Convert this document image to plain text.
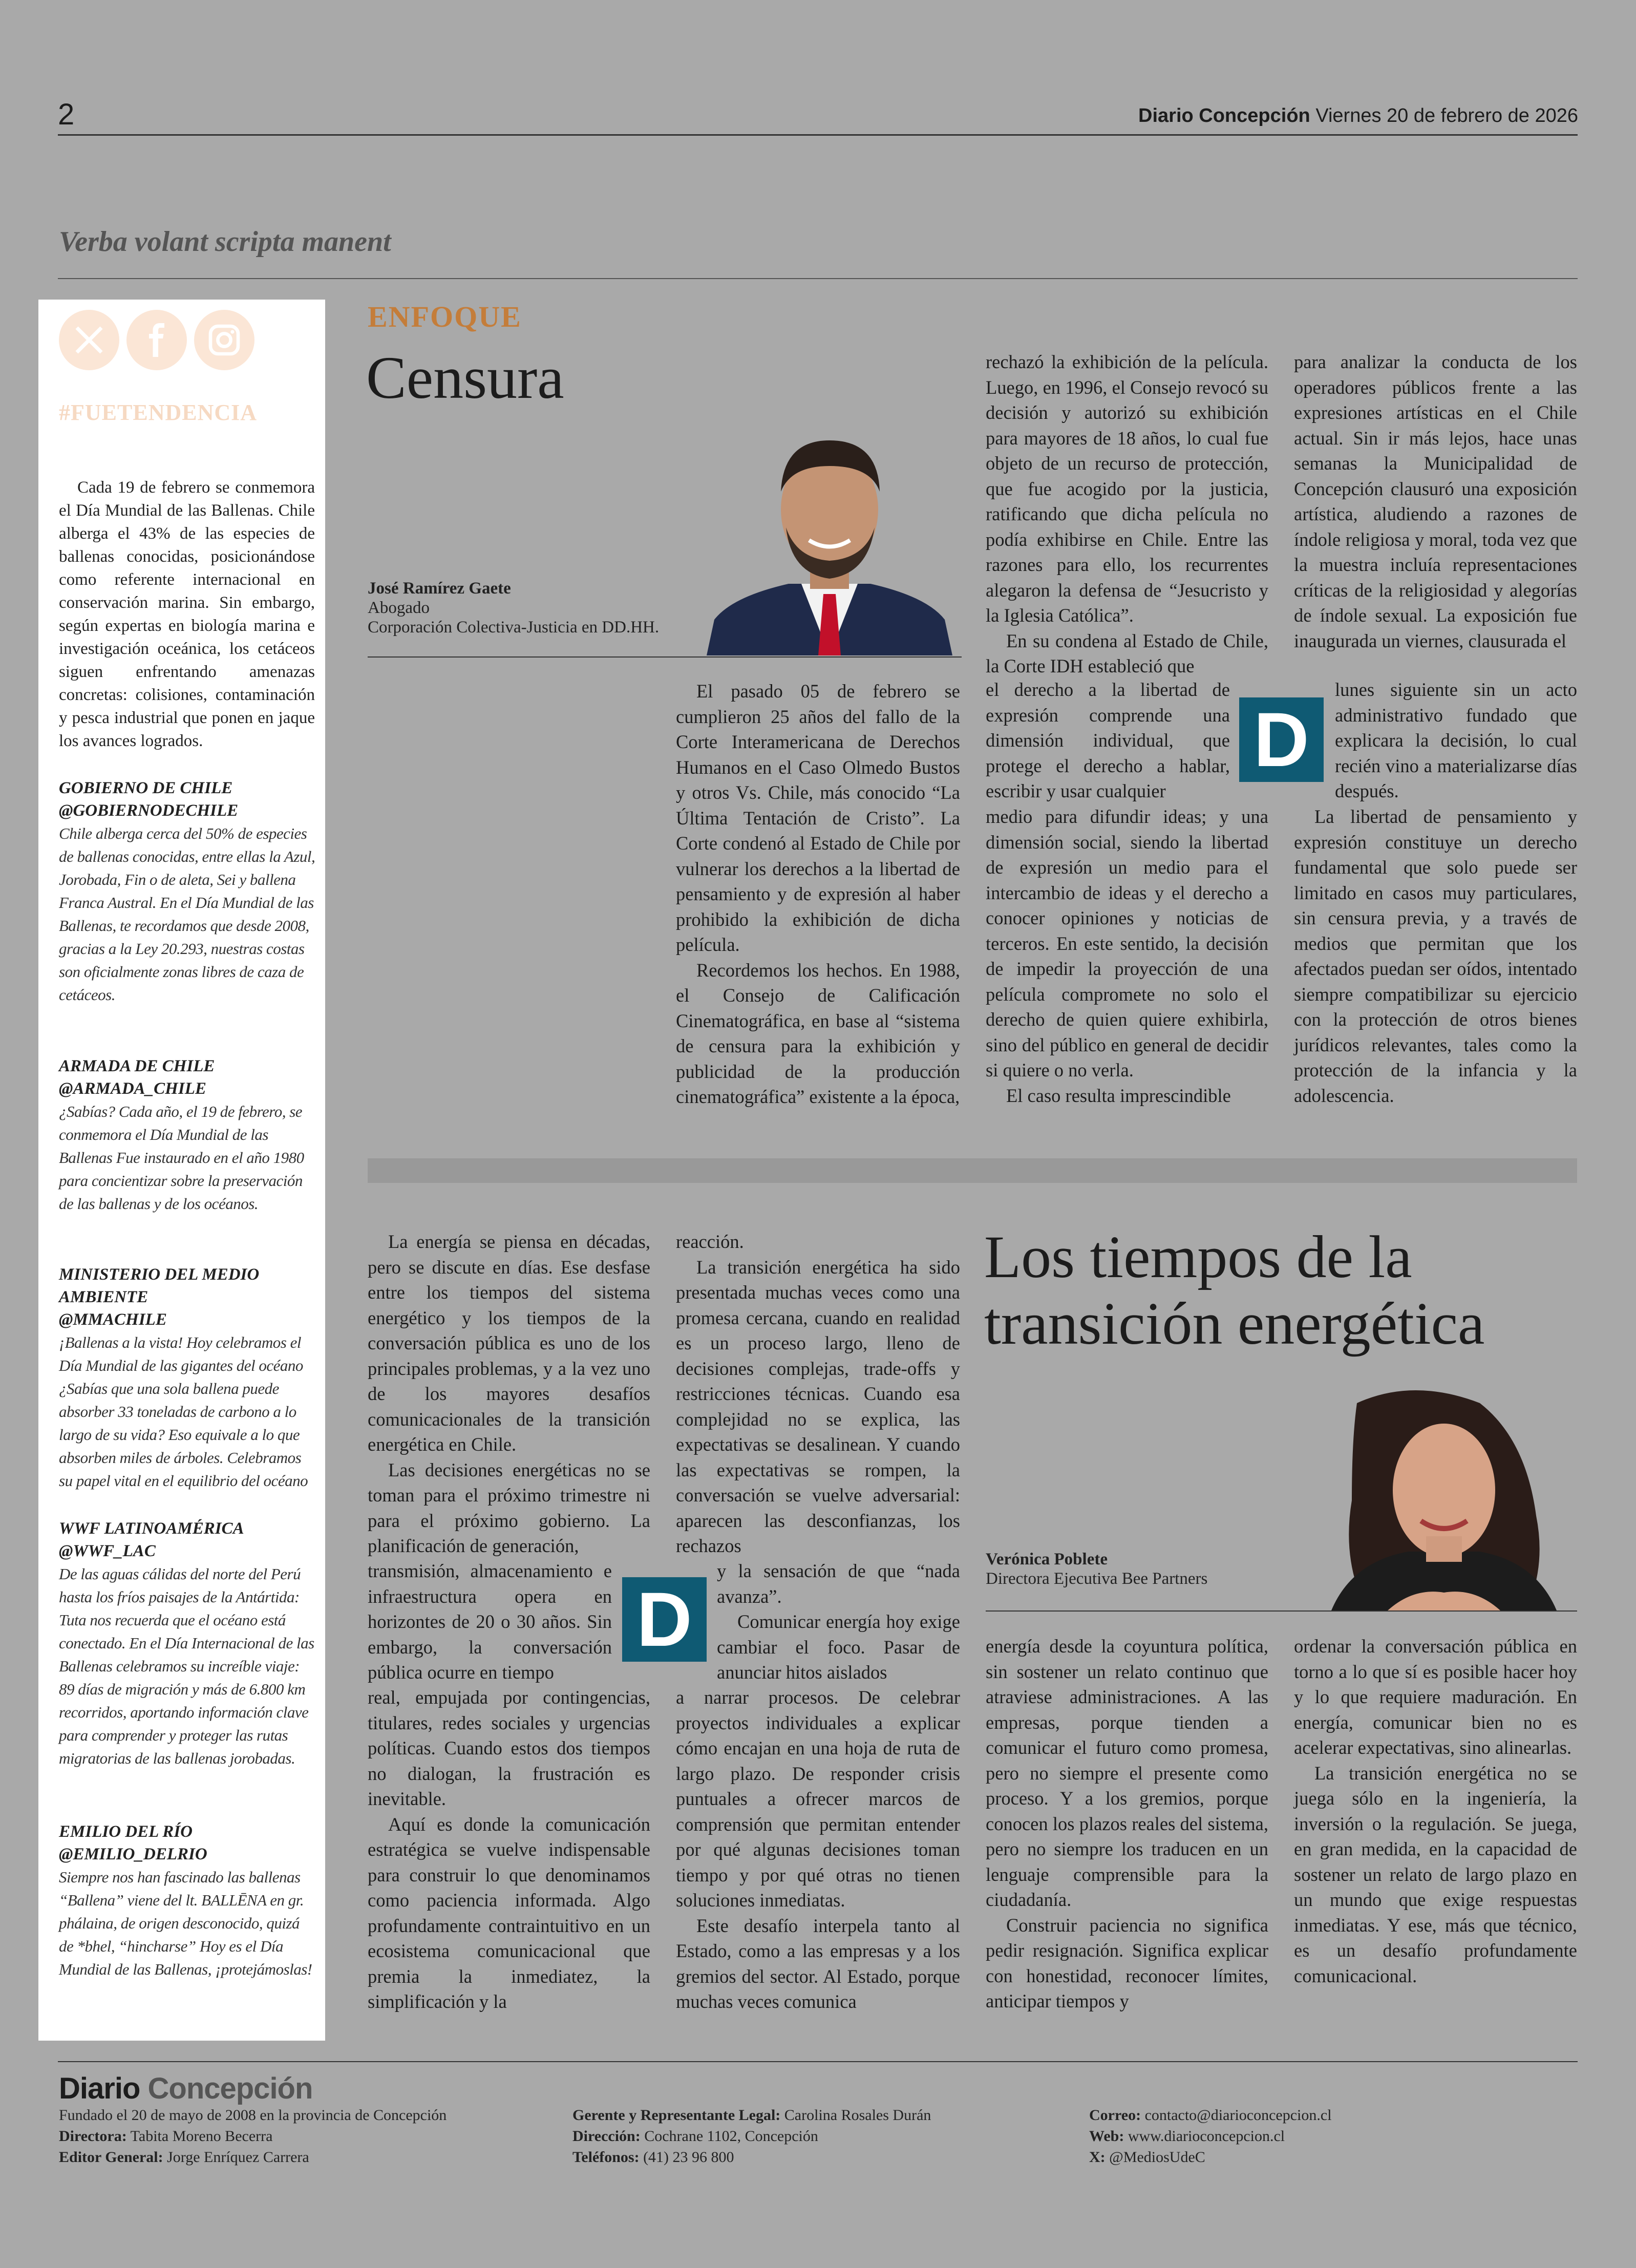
2	Diario Concepción Viernes 20 de febrero de 2026
Verba volant scripta manent
#FUETENDENCIA
Cada 19 de febrero se conmemora el Día Mundial de las Ballenas. Chile alberga el 43% de las especies de ballenas conocidas, posicionándose como referente internacional en conservación marina. Sin embargo, según expertas en biología marina e investigación oceánica, los cetáceos siguen enfrentando amenazas concretas: colisiones, contaminación y pesca industrial que ponen en jaque los avances logrados.
GOBIERNO DE CHILE
@GOBIERNODECHILE
Chile alberga cerca del 50% de especies de ballenas conocidas, entre ellas la Azul, Jorobada, Fin o de aleta, Sei y ballena Franca Austral. En el Día Mundial de las Ballenas, te recordamos que desde 2008, gracias a la Ley 20.293, nuestras costas son oficialmente zonas libres de caza de cetáceos.
ARMADA DE CHILE
@ARMADA_CHILE
¿Sabías? Cada año, el 19 de febrero, se conmemora el Día Mundial de las Ballenas Fue instaurado en el año 1980 para concientizar sobre la preservación de las ballenas y de los océanos.
MINISTERIO DEL MEDIO AMBIENTE
@MMACHILE
¡Ballenas a la vista! Hoy celebramos el Día Mundial de las gigantes del océano ¿Sabías que una sola ballena puede absorber 33 toneladas de carbono a lo largo de su vida? Eso equivale a lo que absorben miles de árboles. Celebramos su papel vital en el equilibrio del océano
WWF LATINOAMÉRICA
@WWF_LAC
De las aguas cálidas del norte del Perú hasta los fríos paisajes de la Antártida: Tuta nos recuerda que el océano está conectado. En el Día Internacional de las Ballenas celebramos su increíble viaje: 89 días de migración y más de 6.800 km recorridos, aportando información clave para comprender y proteger las rutas migratorias de las ballenas jorobadas.
EMILIO DEL RÍO
@EMILIO_DELRIO
Siempre nos han fascinado las ballenas “Ballena” viene del lt. BALLĒNA en gr. phálaina, de origen desconocido, quizá de *bhel, “hincharse” Hoy es el Día Mundial de las Ballenas, ¡protejámoslas!
ENFOQUE
Censura
José Ramírez Gaete
Abogado
Corporación Colectiva-Justicia en DD.HH.

El pasado 05 de febrero se cumplieron 25 años del fallo de la Corte Interamericana de Derechos Humanos en el Caso Olmedo Bustos y otros Vs. Chile, más conocido “La Última Tentación de Cristo”. La Corte condenó al Estado de Chile por vulnerar los derechos a la libertad de pensamiento y de expresión al haber prohibido la exhibición de dicha película.

Recordemos los hechos. En 1988, el Consejo de Calificación Cinematográfica, en base al “sistema de censura para la exhibición y publicidad de la producción cinematográfica” existente a la época,

rechazó la exhibición de la película. Luego, en 1996, el Consejo revocó su decisión y autorizó su exhibición para mayores de 18 años, lo cual fue objeto de un recurso de protección, que fue acogido por la justicia, ratificando que dicha película no podía exhibirse en Chile. Entre las razones para ello, los recurrentes alegaron la defensa de “Jesucristo y la Iglesia Católica”.

En su condena al Estado de Chile, la Corte IDH estableció que

el derecho a la libertad de expresión comprende una dimensión individual, que protege el derecho a hablar, escribir y usar cualquier

medio para difundir ideas; y una dimensión social, siendo la libertad de expresión un medio para el intercambio de ideas y el derecho a conocer opiniones y noticias de terceros. En este sentido, la decisión de impedir la proyección de una película compromete no solo el derecho de quien quiere exhibirla, sino del público en general de decidir si quiere o no verla.

El caso resulta imprescindible

D

para analizar la conducta de los operadores públicos frente a las expresiones artísticas en el Chile actual. Sin ir más lejos, hace unas semanas la Municipalidad de Concepción clausuró una exposición artística, aludiendo a razones de índole religiosa y moral, toda vez que la muestra incluía representaciones críticas de la religiosidad y alegorías de índole sexual. La exposición fue inaugurada un viernes, clausurada el

lunes siguiente sin un acto administrativo fundado que explicara la decisión, lo cual recién vino a materializarse días después.

La libertad de pensamiento y expresión constituye un derecho fundamental que solo puede ser limitado en casos muy particulares, sin censura previa, y a través de medios que permitan que los afectados puedan ser oídos, intentado siempre compatibilizar su ejercicio con la protección de otros bienes jurídicos relevantes, tales como la protección de la infancia y la adolescencia.

Los tiempos de la transición energética
Verónica Poblete
Directora Ejecutiva Bee Partners

La energía se piensa en décadas, pero se discute en días. Ese desfase entre los tiempos del sistema energético y los tiempos de la conversación pública es uno de los principales problemas, y a la vez uno de los mayores desafíos comunicacionales de la transición energética en Chile.

Las decisiones energéticas no se toman para el próximo trimestre ni para el próximo gobierno. La planificación de generación,

transmisión, almacenamiento e infraestructura opera en horizontes de 20 o 30 años. Sin embargo, la conversación pública ocurre en tiempo

real, empujada por contingencias, titulares, redes sociales y urgencias políticas. Cuando estos dos tiempos no dialogan, la frustración es inevitable.

Aquí es donde la comunicación estratégica se vuelve indispensable para construir lo que denominamos como paciencia informada. Algo profundamente contraintuitivo en un ecosistema comunicacional que premia la inmediatez, la simplificación y la

D

reacción.

La transición energética ha sido presentada muchas veces como una promesa cercana, cuando en realidad es un proceso largo, lleno de decisiones complejas, trade-offs y restricciones técnicas. Cuando esa complejidad no se explica, las expectativas se desalinean. Y cuando las expectativas se rompen, la conversación se vuelve adversarial: aparecen las desconfianzas, los rechazos

y la sensación de que “nada avanza”.

Comunicar energía hoy exige cambiar el foco. Pasar de anunciar hitos aislados

a narrar procesos. De celebrar proyectos individuales a explicar cómo encajan en una hoja de ruta de largo plazo. De responder crisis puntuales a ofrecer marcos de comprensión que permitan entender por qué algunas decisiones toman tiempo y por qué otras no tienen soluciones inmediatas.

Este desafío interpela tanto al Estado, como a las empresas y a los gremios del sector. Al Estado, porque muchas veces comunica

energía desde la coyuntura política, sin sostener un relato continuo que atraviese administraciones. A las empresas, porque tienden a comunicar el futuro como promesa, pero no siempre el presente como proceso. Y a los gremios, porque conocen los plazos reales del sistema, pero no siempre los traducen en un lenguaje comprensible para la ciudadanía.

Construir paciencia no significa pedir resignación. Significa explicar con honestidad, reconocer límites, anticipar tiempos y

ordenar la conversación pública en torno a lo que sí es posible hacer hoy y lo que requiere maduración. En energía, comunicar bien no es acelerar expectativas, sino alinearlas.

La transición energética no se juega sólo en la ingeniería, la inversión o la regulación. Se juega, en gran medida, en la capacidad de sostener un relato de largo plazo en un mundo que exige respuestas inmediatas. Y ese, más que técnico, es un desafío profundamente comunicacional.

Diario Concepción
Fundado el 20 de mayo de 2008 en la provincia de Concepción
Directora: Tabita Moreno Becerra
Editor General: Jorge Enríquez Carrera
Gerente y Representante Legal: Carolina Rosales Durán
Dirección: Cochrane 1102, Concepción
Teléfonos: (41) 23 96 800
Correo: contacto@diarioconcepcion.cl
Web: www.diarioconcepcion.cl
X: @MediosUdeC
